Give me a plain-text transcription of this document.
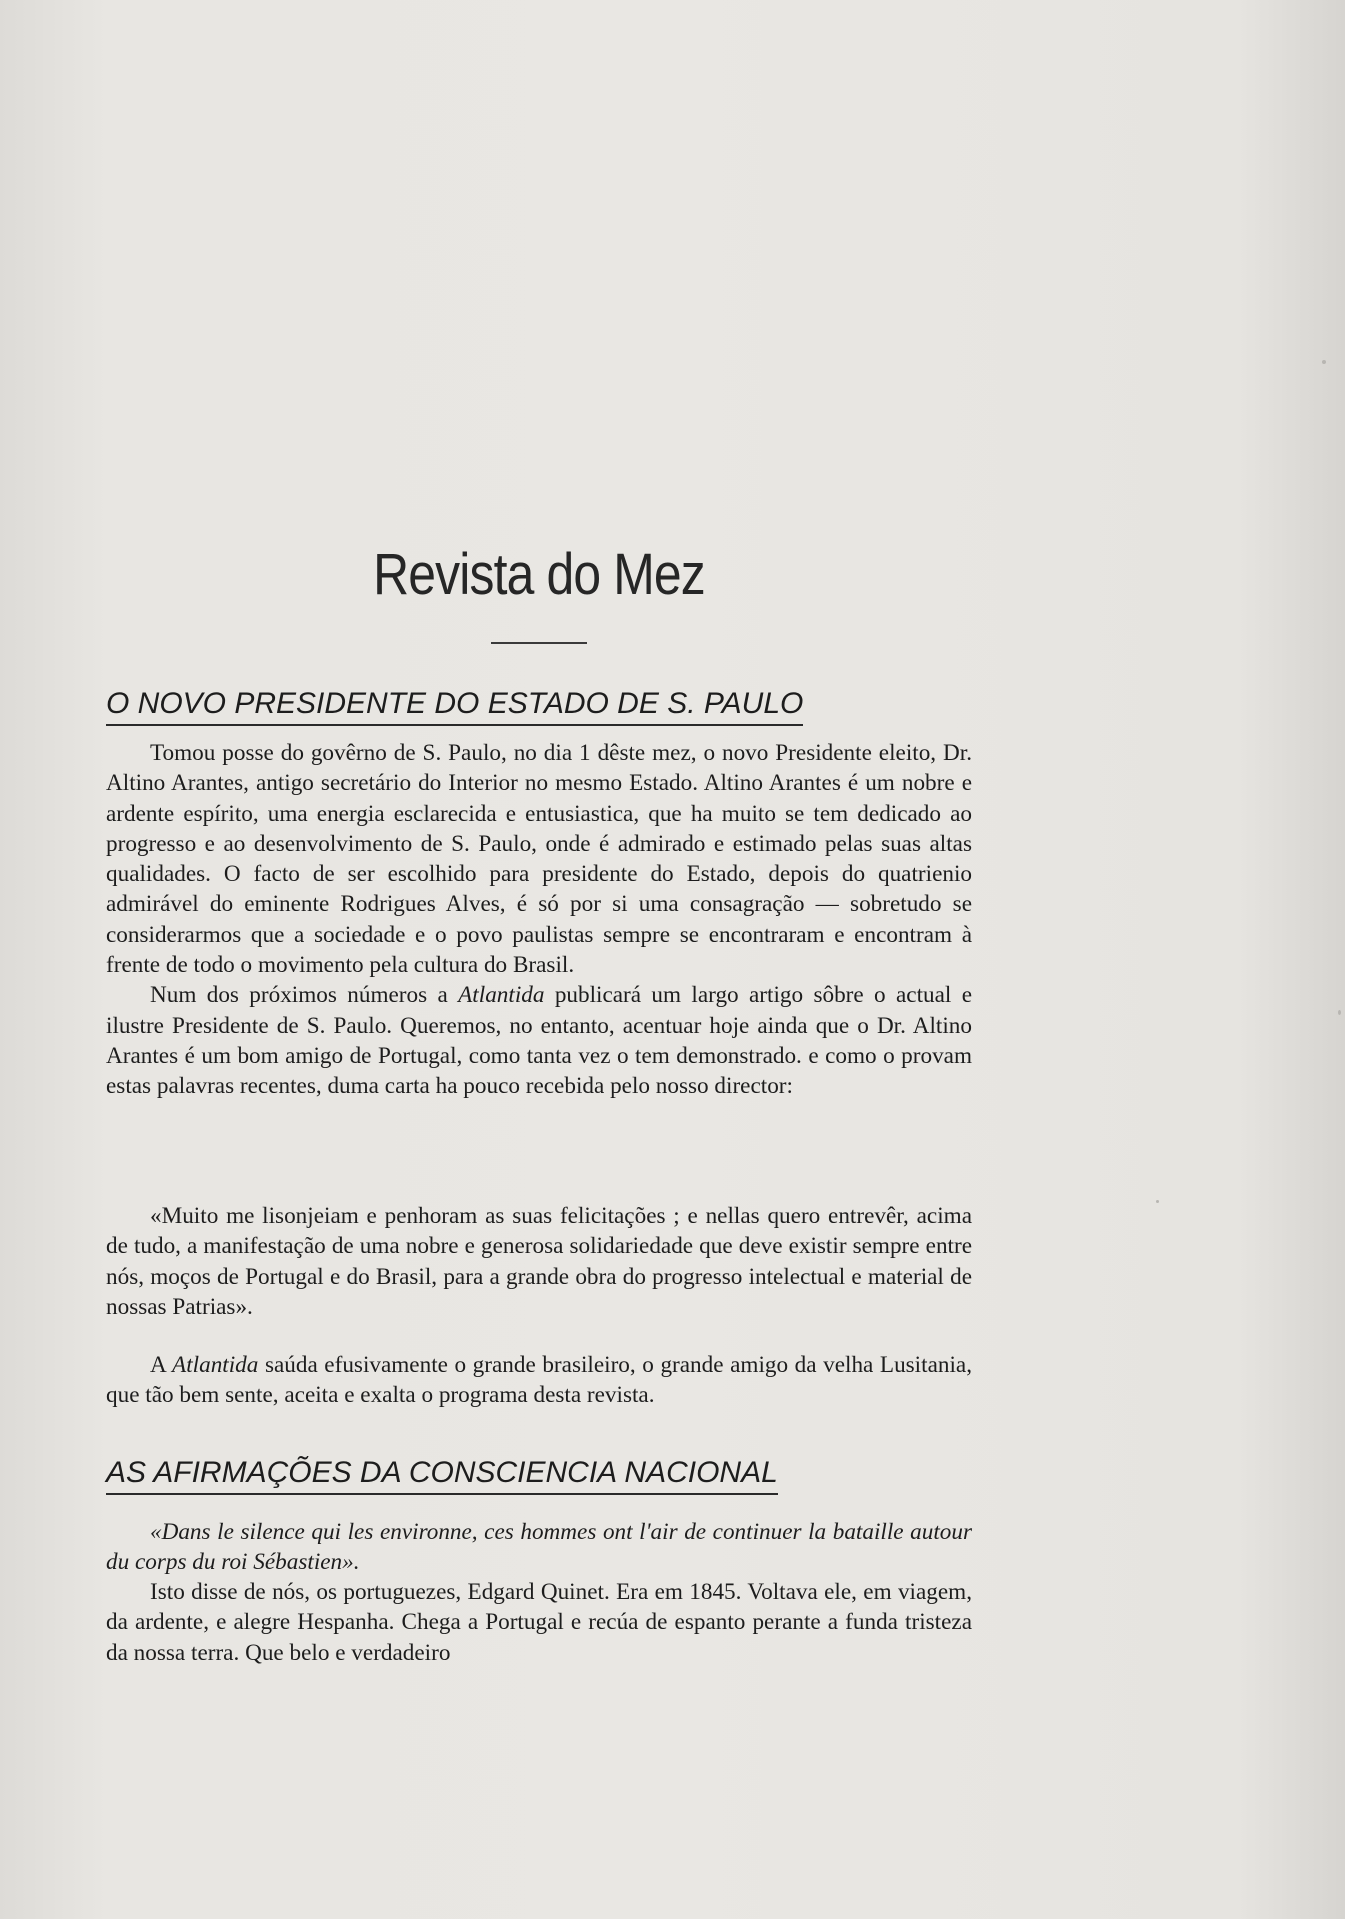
Revista do Mez
O NOVO PRESIDENTE DO ESTADO DE S. PAULO

Tomou posse do govêrno de S. Paulo, no dia 1 dêste mez, o novo Presidente eleito, Dr. Altino Arantes, antigo secretário do Interior no mesmo Estado. Altino Arantes é um nobre e ardente espírito, uma energia esclarecida e entusiastica, que ha muito se tem dedicado ao progresso e ao desenvolvimento de S. Paulo, onde é admirado e estimado pelas suas altas qualidades. O facto de ser escolhido para presidente do Estado, depois do quatrienio admirável do eminente Rodrigues Alves, é só por si uma consagração — sobretudo se considerarmos que a sociedade e o povo paulistas sempre se encontraram e encontram à frente de todo o movimento pela cultura do Brasil.

Num dos próximos números a Atlantida publicará um largo artigo sôbre o actual e ilustre Presidente de S. Paulo. Queremos, no entanto, acentuar hoje ainda que o Dr. Altino Arantes é um bom amigo de Portugal, como tanta vez o tem demonstrado. e como o provam estas palavras recentes, duma carta ha pouco recebida pelo nosso director:

«Muito me lisonjeiam e penhoram as suas felicitações ; e nellas quero entrevêr, acima de tudo, a manifestação de uma nobre e generosa solidariedade que deve existir sempre entre nós, moços de Portugal e do Brasil, para a grande obra do progresso intelectual e material de nossas Patrias».

A Atlantida saúda efusivamente o grande brasileiro, o grande amigo da velha Lusitania, que tão bem sente, aceita e exalta o programa desta revista.

AS AFIRMAÇÕES DA CONSCIENCIA NACIONAL

«Dans le silence qui les environne, ces hommes ont l'air de continuer la bataille autour du corps du roi Sébastien».

Isto disse de nós, os portuguezes, Edgard Quinet. Era em 1845. Voltava ele, em viagem, da ardente, e alegre Hespanha. Chega a Portugal e recúa de espanto perante a funda tristeza da nossa terra. Que belo e verdadeiro
